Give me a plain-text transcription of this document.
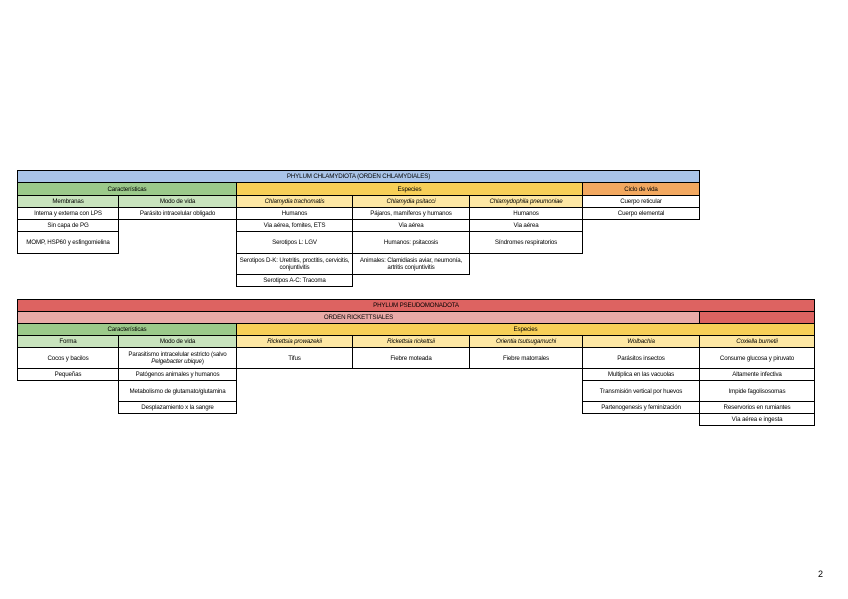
PHYLUM CHLAMYDIOTA (ORDEN CHLAMYDIALES)					
Características		Especies			Ciclo de vida
Membranas	Modo de vida	Chlamydia trachomatis	Chlamydia psitacci	Chlamydophila pneumoniae	Cuerpo reticular
Interna y externa con LPS	Parásito intracelular obligado	Humanos	Pájaros, mamíferos y humanos	Humanos	Cuerpo elemental
Sin capa de PG		Via aérea, fomites, ETS	Via aérea	Via aérea	
MOMP, HSP60 y esfingomielina		Serotipos L: LGV	Humanos: psitacosis	Síndromes respiratorios	
		Serotipos D-K: Uretritis, proctitis, cervicitis, conjuntivitis	Animales: Clamidiasis aviar, neumonía, artritis conjuntivitis		

		Serotipos A-C: Tracoma			
PHYLUM PSEUDOMONADOTA						
ORDEN RICKETTSIALES						
Características		Especies				
Forma	Modo de vida	Rickettsia prowazekii	Rickettsia rickettsii	Orientia tsutsugamuchi	Wolbachia	Coxiella burnetii
Cocos y bacilos	Parasitismo intracelular estricto (salvo Pelgebacter ubique)	Tifus	Fiebre moteada	Fiebre matorrales	Parásitos insectos	Consume glucosa y piruvato
Pequeñas	Patógenos animales y humanos				Multiplica en las vacuolas	Altamente infectiva
	Metabolismo de glutamato/glutamina				Transmisión vertical por huevos	Impide fagolisosomas
	Desplazamiento x la sangre				Partenogenesis y feminización	Reservorios en rumiantes
						Vía aérea e ingesta
2
